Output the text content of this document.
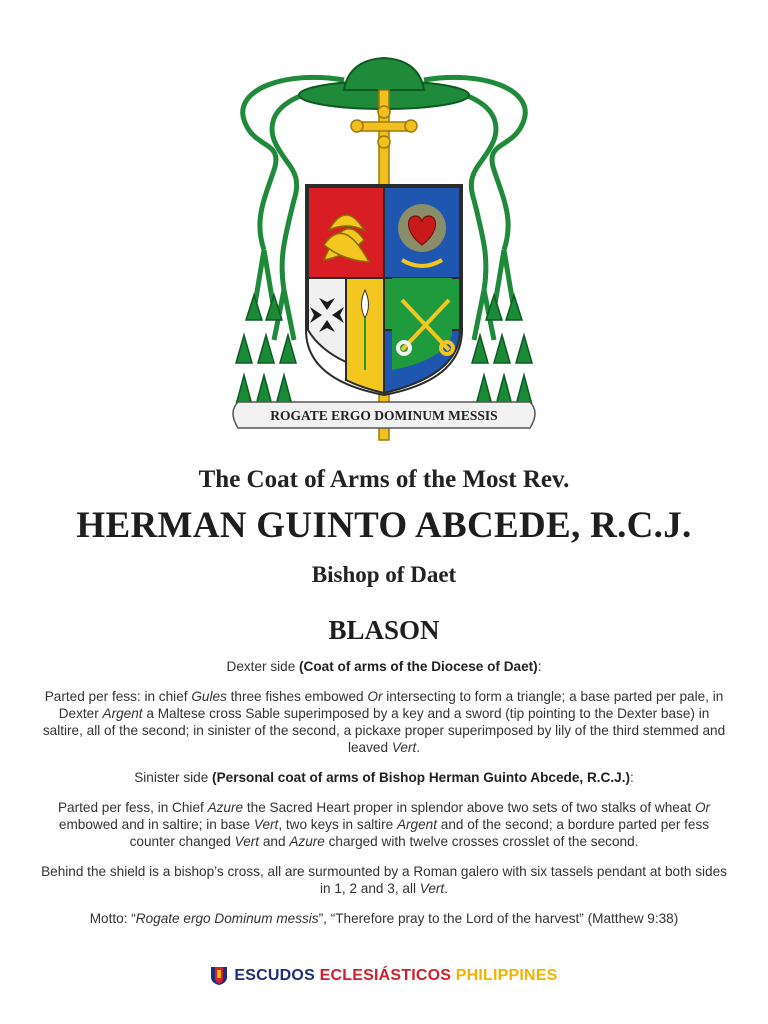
ROGATE ERGO DOMINUM MESSIS
The Coat of Arms of the Most Rev.
HERMAN GUINTO ABCEDE, R.C.J.
Bishop of Daet
BLASON

Dexter side (Coat of arms of the Diocese of Daet):

Parted per fess: in chief Gules three fishes embowed Or intersecting to form a triangle; a base parted per pale, in Dexter Argent a Maltese cross Sable superimposed by a key and a sword (tip pointing to the Dexter base) in saltire, all of the second; in sinister of the second, a pickaxe proper superimposed by lily of the third stemmed and leaved Vert.

Sinister side (Personal coat of arms of Bishop Herman Guinto Abcede, R.C.J.):

Parted per fess, in Chief Azure the Sacred Heart proper in splendor above two sets of two stalks of wheat Or embowed and in saltire; in base Vert, two keys in saltire Argent and of the second; a bordure parted per fess counter changed Vert and Azure charged with twelve crosses crosslet of the second.

Behind the shield is a bishop’s cross, all are surmounted by a Roman galero with six tassels pendant at both sides in 1, 2 and 3, all Vert.

Motto: “Rogate ergo Dominum messis”, “Therefore pray to the Lord of the harvest” (Matthew 9:38)

ESCUDOS ECLESIÁSTICOS PHILIPPINES
